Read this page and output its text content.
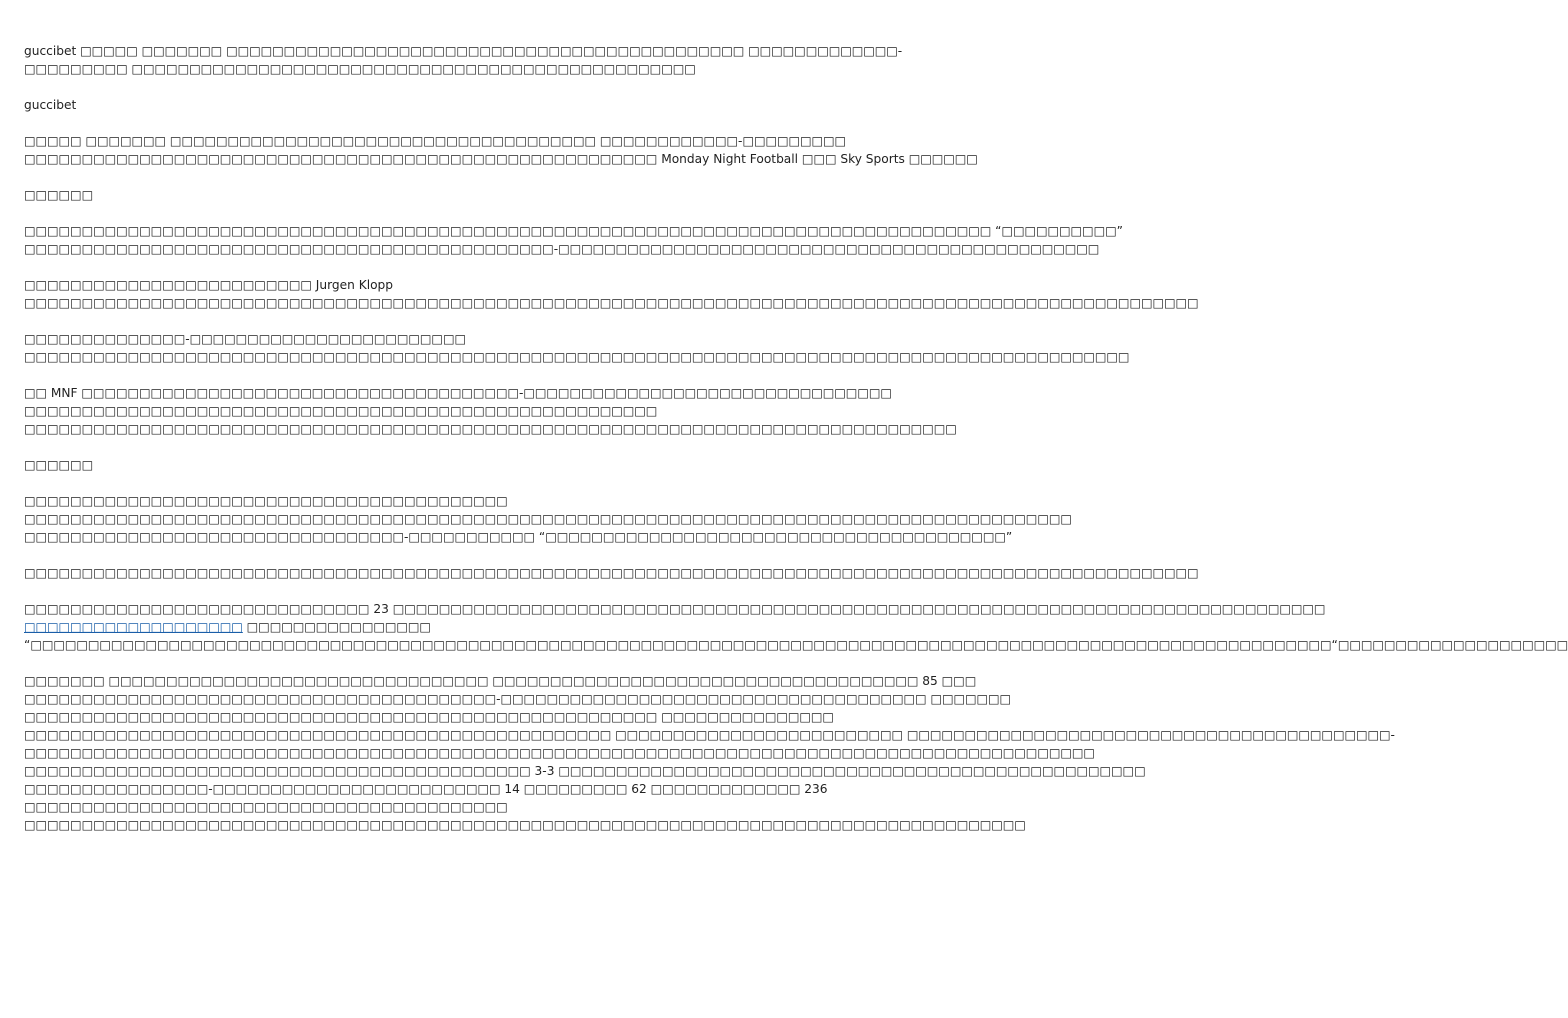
guccibet □□□□□ □□□□□□□ □□□□□□□□□□□□□□□□□□□□□□□□□□□□□□□□□□□□□□□□□□□□□ □□□□□□□□□□□□□-
□□□□□□□□□ □□□□□□□□□□□□□□□□□□□□□□□□□□□□□□□□□□□□□□□□□□□□□□□□□
guccibet
□□□□□ □□□□□□□ □□□□□□□□□□□□□□□□□□□□□□□□□□□□□□□□□□□□□ □□□□□□□□□□□□-□□□□□□□□□
□□□□□□□□□□□□□□□□□□□□□□□□□□□□□□□□□□□□□□□□□□□□□□□□□□□□□□□ Monday Night Football □□□ Sky Sports □□□□□□
□□□□□□
□□□□□□□□□□□□□□□□□□□□□□□□□□□□□□□□□□□□□□□□□□□□□□□□□□□□□□□□□□□□□□□□□□□□□□□□□□□□□□□□□□□□ “□□□□□□□□□□”
□□□□□□□□□□□□□□□□□□□□□□□□□□□□□□□□□□□□□□□□□□□□□□-□□□□□□□□□□□□□□□□□□□□□□□□□□□□□□□□□□□□□□□□□□□□□□□
□□□□□□□□□□□□□□□□□□□□□□□□□ Jurgen Klopp
□□□□□□□□□□□□□□□□□□□□□□□□□□□□□□□□□□□□□□□□□□□□□□□□□□□□□□□□□□□□□□□□□□□□□□□□□□□□□□□□□□□□□□□□□□□□□□□□□□□□□□
□□□□□□□□□□□□□□-□□□□□□□□□□□□□□□□□□□□□□□□
□□□□□□□□□□□□□□□□□□□□□□□□□□□□□□□□□□□□□□□□□□□□□□□□□□□□□□□□□□□□□□□□□□□□□□□□□□□□□□□□□□□□□□□□□□□□□□□□
□□ MNF □□□□□□□□□□□□□□□□□□□□□□□□□□□□□□□□□□□□□□-□□□□□□□□□□□□□□□□□□□□□□□□□□□□□□□□
□□□□□□□□□□□□□□□□□□□□□□□□□□□□□□□□□□□□□□□□□□□□□□□□□□□□□□□
□□□□□□□□□□□□□□□□□□□□□□□□□□□□□□□□□□□□□□□□□□□□□□□□□□□□□□□□□□□□□□□□□□□□□□□□□□□□□□□□□
□□□□□□
□□□□□□□□□□□□□□□□□□□□□□□□□□□□□□□□□□□□□□□□□□
□□□□□□□□□□□□□□□□□□□□□□□□□□□□□□□□□□□□□□□□□□□□□□□□□□□□□□□□□□□□□□□□□□□□□□□□□□□□□□□□□□□□□□□□□□□
□□□□□□□□□□□□□□□□□□□□□□□□□□□□□□□□□-□□□□□□□□□□□ “□□□□□□□□□□□□□□□□□□□□□□□□□□□□□□□□□□□□□□□□”
□□□□□□□□□□□□□□□□□□□□□□□□□□□□□□□□□□□□□□□□□□□□□□□□□□□□□□□□□□□□□□□□□□□□□□□□□□□□□□□□□□□□□□□□□□□□□□□□□□□□□□
□□□□□□□□□□□□□□□□□□□□□□□□□□□□□□ 23 □□□□□□□□□□□□□□□□□□□□□□□□□□□□□□□□□□□□□□□□□□□□□□□□□□□□□□□□□□□□□□□□□□□□□□□□□□□□□□□□□
□□□□□□□□□□□□□□□□□□□ □□□□□□□□□□□□□□□□
“□□□□□□□□□□□□□□□□□□□□□□□□□□□□□□□□□□□□□□□□□□□□□□□□□□□□□□□□□□□□□□□□□□□□□□□□□□□□□□□□□□□□□□□□□□□□□□□□□□□□□□□□□□□□□□□□□“□□□□□□□□□□□□□□□□□□□□
□□□□□□□ □□□□□□□□□□□□□□□□□□□□□□□□□□□□□□□□□ □□□□□□□□□□□□□□□□□□□□□□□□□□□□□□□□□□□□□ 85 □□□
□□□□□□□□□□□□□□□□□□□□□□□□□□□□□□□□□□□□□□□□□-□□□□□□□□□□□□□□□□□□□□□□□□□□□□□□□□□□□□□ □□□□□□□
□□□□□□□□□□□□□□□□□□□□□□□□□□□□□□□□□□□□□□□□□□□□□□□□□□□□□□□ □□□□□□□□□□□□□□□
□□□□□□□□□□□□□□□□□□□□□□□□□□□□□□□□□□□□□□□□□□□□□□□□□□□ □□□□□□□□□□□□□□□□□□□□□□□□□ □□□□□□□□□□□□□□□□□□□□□□□□□□□□□□□□□□□□□□□□□□-
□□□□□□□□□□□□□□□□□□□□□□□□□□□□□□□□□□□□□□□□□□□□□□□□□□□□□□□□□□□□□□□□□□□□□□□□□□□□□□□□□□□□□□□□□□□□□
□□□□□□□□□□□□□□□□□□□□□□□□□□□□□□□□□□□□□□□□□□□□ 3-3 □□□□□□□□□□□□□□□□□□□□□□□□□□□□□□□□□□□□□□□□□□□□□□□□□□□
□□□□□□□□□□□□□□□□-□□□□□□□□□□□□□□□□□□□□□□□□□ 14 □□□□□□□□□ 62 □□□□□□□□□□□□□ 236
□□□□□□□□□□□□□□□□□□□□□□□□□□□□□□□□□□□□□□□□□□
□□□□□□□□□□□□□□□□□□□□□□□□□□□□□□□□□□□□□□□□□□□□□□□□□□□□□□□□□□□□□□□□□□□□□□□□□□□□□□□□□□□□□□□
